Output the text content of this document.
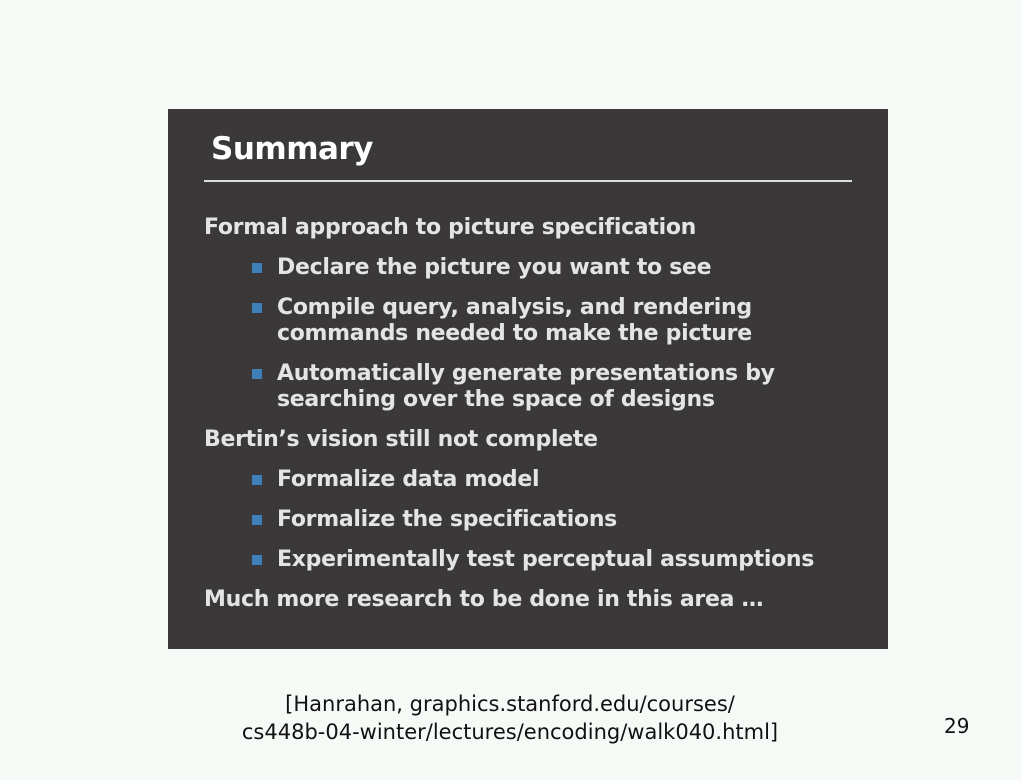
Summary
Formal approach to picture specification
Declare the picture you want to see
Compile query, analysis, and rendering
commands needed to make the picture
Automatically generate presentations by
searching over the space of designs
Bertin’s vision still not complete
Formalize data model
Formalize the specifications
Experimentally test perceptual assumptions
Much more research to be done in this area …
[Hanrahan, graphics.stanford.edu/courses/
cs448b-04-winter/lectures/encoding/walk040.html]	29
